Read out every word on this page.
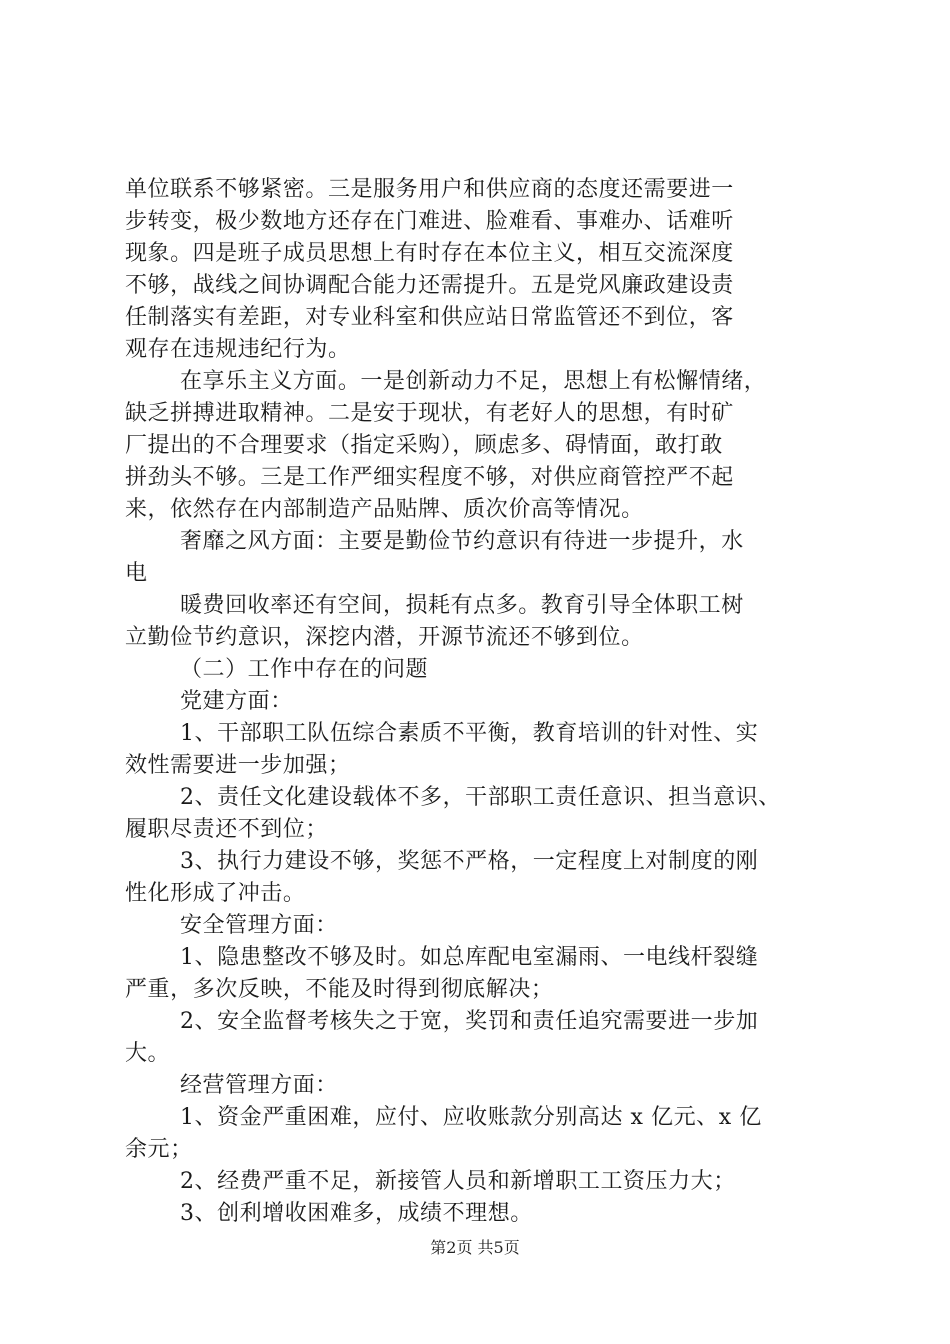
单位联系不够紧密。三是服务用户和供应商的态度还需要进一
步转变，极少数地方还存在门难进、脸难看、事难办、话难听
现象。四是班子成员思想上有时存在本位主义，相互交流深度
不够，战线之间协调配合能力还需提升。五是党风廉政建设责
任制落实有差距，对专业科室和供应站日常监管还不到位，客
观存在违规违纪行为。
在享乐主义方面。一是创新动力不足，思想上有松懈情绪，
缺乏拼搏进取精神。二是安于现状，有老好人的思想，有时矿
厂提出的不合理要求（指定采购），顾虑多、碍情面，敢打敢
拼劲头不够。三是工作严细实程度不够，对供应商管控严不起
来，依然存在内部制造产品贴牌、质次价高等情况。
奢靡之风方面：主要是勤俭节约意识有待进一步提升，水
电
暖费回收率还有空间，损耗有点多。教育引导全体职工树
立勤俭节约意识，深挖内潜，开源节流还不够到位。
（二）工作中存在的问题
党建方面：
1、干部职工队伍综合素质不平衡，教育培训的针对性、实
效性需要进一步加强；
2、责任文化建设载体不多，干部职工责任意识、担当意识、
履职尽责还不到位；
3、执行力建设不够，奖惩不严格，一定程度上对制度的刚
性化形成了冲击。
安全管理方面：
1、隐患整改不够及时。如总库配电室漏雨、一电线杆裂缝
严重，多次反映，不能及时得到彻底解决；
2、安全监督考核失之于宽，奖罚和责任追究需要进一步加
大。
经营管理方面：
1、资金严重困难，应付、应收账款分别高达 x 亿元、x 亿
余元；
2、经费严重不足，新接管人员和新增职工工资压力大；
3、创利增收困难多，成绩不理想。
第2页 共5页
